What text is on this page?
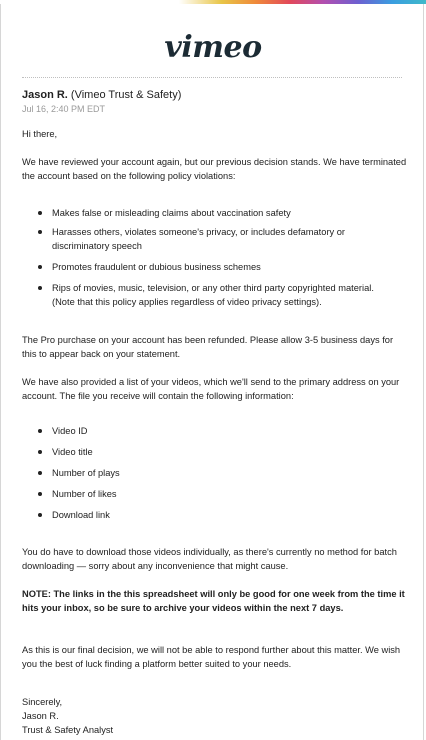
vimeo
Jason R. (Vimeo Trust & Safety)
Jul 16, 2:40 PM EDT
Hi there,
We have reviewed your account again, but our previous decision stands. We have terminated the account based on the following policy violations:
Makes false or misleading claims about vaccination safety
Harasses others, violates someone's privacy, or includes defamatory or discriminatory speech
Promotes fraudulent or dubious business schemes
Rips of movies, music, television, or any other third party copyrighted material. (Note that this policy applies regardless of video privacy settings).
The Pro purchase on your account has been refunded. Please allow 3-5 business days for this to appear back on your statement.
We have also provided a list of your videos, which we'll send to the primary address on your account. The file you receive will contain the following information:
Video ID
Video title
Number of plays
Number of likes
Download link
You do have to download those videos individually, as there's currently no method for batch downloading — sorry about any inconvenience that might cause.
NOTE: The links in the this spreadsheet will only be good for one week from the time it hits your inbox, so be sure to archive your videos within the next 7 days.
As this is our final decision, we will not be able to respond further about this matter. We wish you the best of luck finding a platform better suited to your needs.
Sincerely,
Jason R.
Trust & Safety Analyst
